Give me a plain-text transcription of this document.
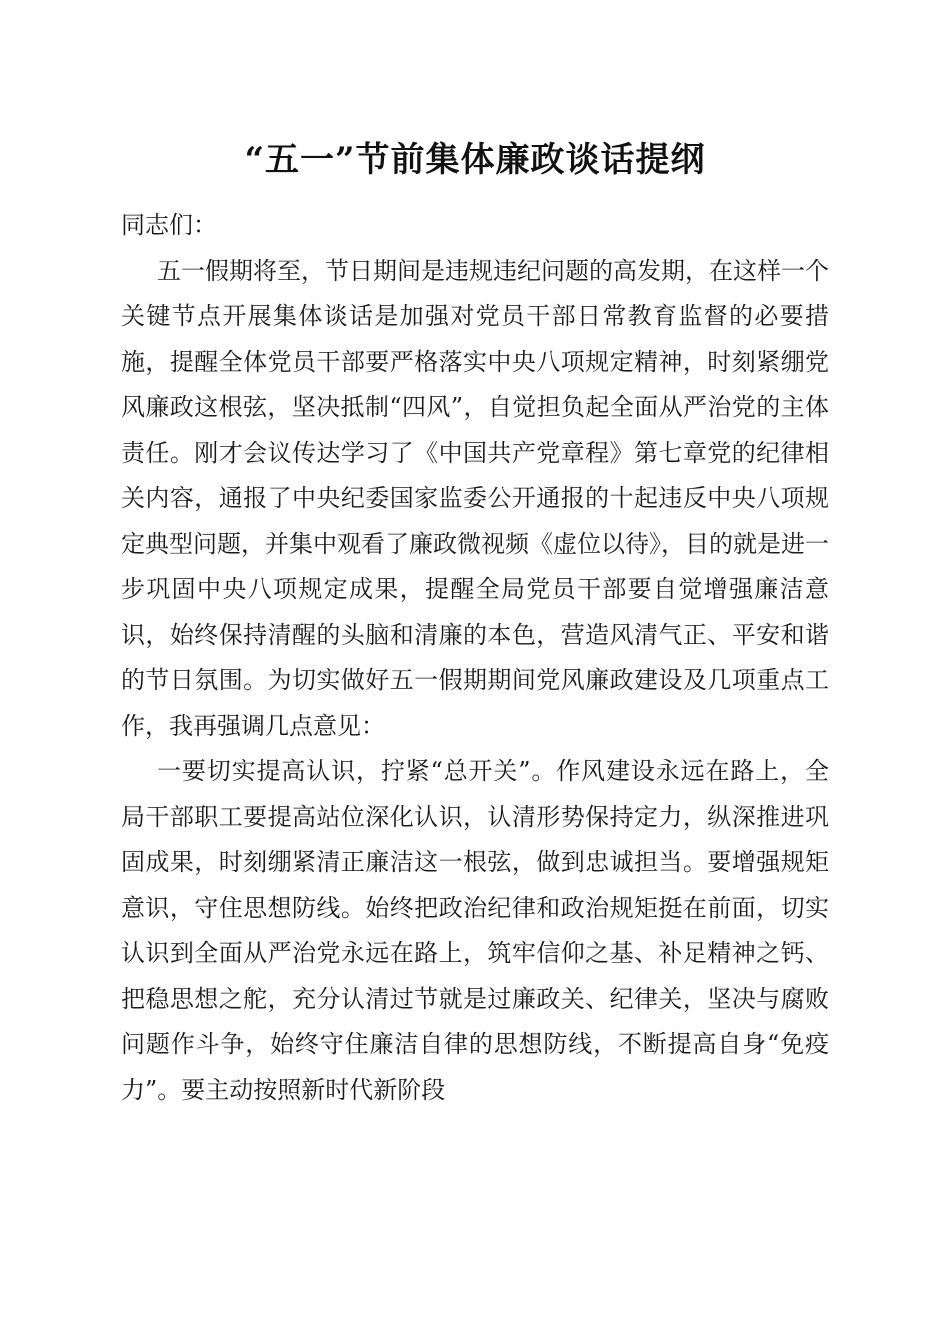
“五一”节前集体廉政谈话提纲

同志们：

五一假期将至，节日期间是违规违纪问题的高发期，在这样一个关键节点开展集体谈话是加强对党员干部日常教育监督的必要措施，提醒全体党员干部要严格落实中央八项规定精神，时刻紧绷党风廉政这根弦，坚决抵制“四风”，自觉担负起全面从严治党的主体责任。刚才会议传达学习了《中国共产党章程》第七章党的纪律相关内容，通报了中央纪委国家监委公开通报的十起违反中央八项规定典型问题，并集中观看了廉政微视频《虚位以待》，目的就是进一步巩固中央八项规定成果，提醒全局党员干部要自觉增强廉洁意识，始终保持清醒的头脑和清廉的本色，营造风清气正、平安和谐的节日氛围。为切实做好五一假期期间党风廉政建设及几项重点工作，我再强调几点意见：

一要切实提高认识，拧紧“总开关”。作风建设永远在路上，全局干部职工要提高站位深化认识，认清形势保持定力，纵深推进巩固成果，时刻绷紧清正廉洁这一根弦，做到忠诚担当。要增强规矩意识，守住思想防线。始终把政治纪律和政治规矩挺在前面，切实认识到全面从严治党永远在路上，筑牢信仰之基、补足精神之钙、把稳思想之舵，充分认清过节就是过廉政关、纪律关，坚决与腐败问题作斗争，始终守住廉洁自律的思想防线，不断提高自身“免疫力”。要主动按照新时代新阶段
